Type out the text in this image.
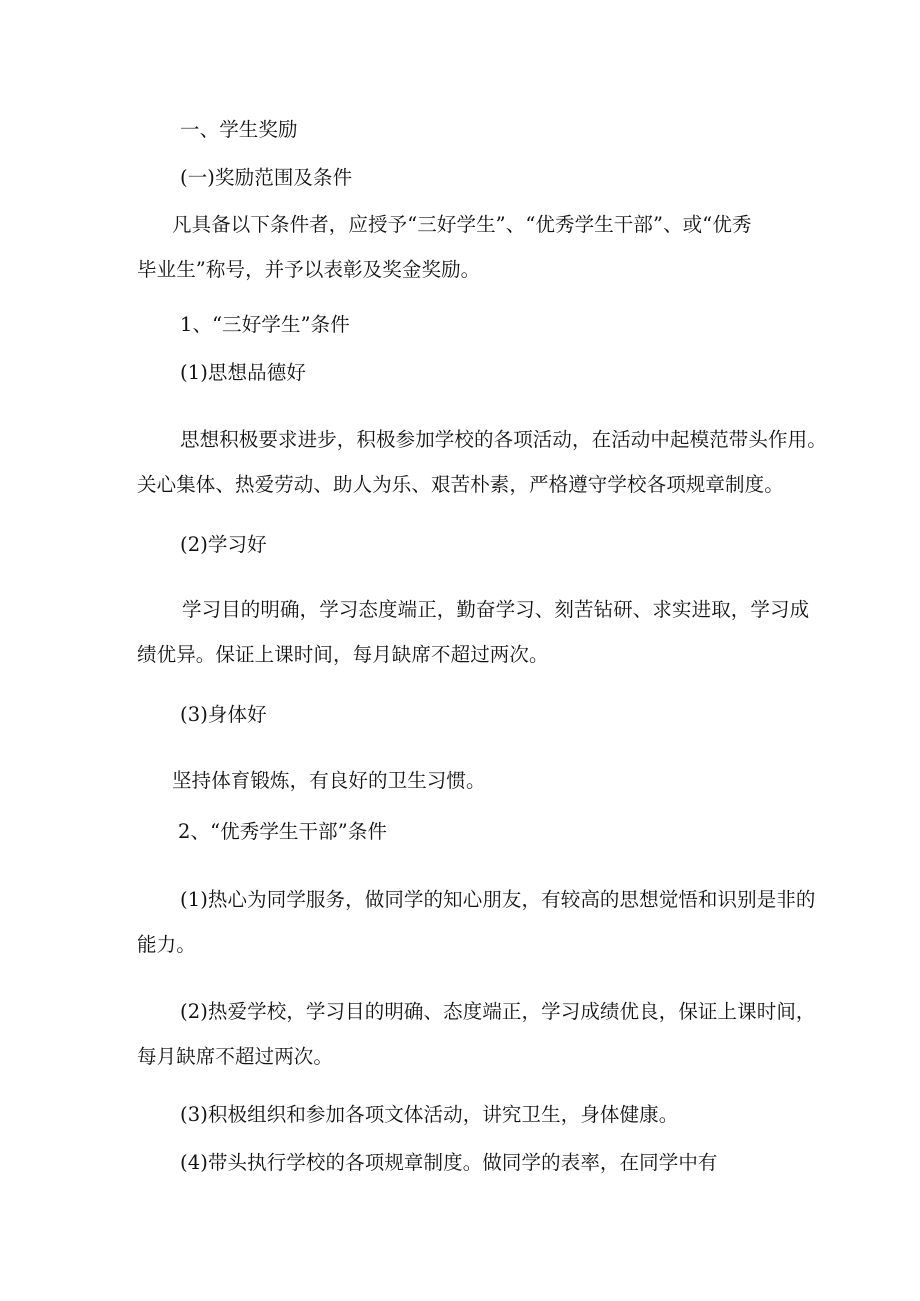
一、学生奖励
(一)奖励范围及条件
凡具备以下条件者，应授予“三好学生”、“优秀学生干部”、或“优秀
毕业生”称号，并予以表彰及奖金奖励。
1、“三好学生”条件
(1)思想品德好
思想积极要求进步，积极参加学校的各项活动，在活动中起模范带头作用。
关心集体、热爱劳动、助人为乐、艰苦朴素，严格遵守学校各项规章制度。
(2)学习好
学习目的明确，学习态度端正，勤奋学习、刻苦钻研、求实进取，学习成
绩优异。保证上课时间，每月缺席不超过两次。
(3)身体好
坚持体育锻炼，有良好的卫生习惯。
2、“优秀学生干部”条件
(1)热心为同学服务，做同学的知心朋友，有较高的思想觉悟和识别是非的
能力。
(2)热爱学校，学习目的明确、态度端正，学习成绩优良，保证上课时间，
每月缺席不超过两次。
(3)积极组织和参加各项文体活动，讲究卫生，身体健康。
(4)带头执行学校的各项规章制度。做同学的表率，在同学中有
